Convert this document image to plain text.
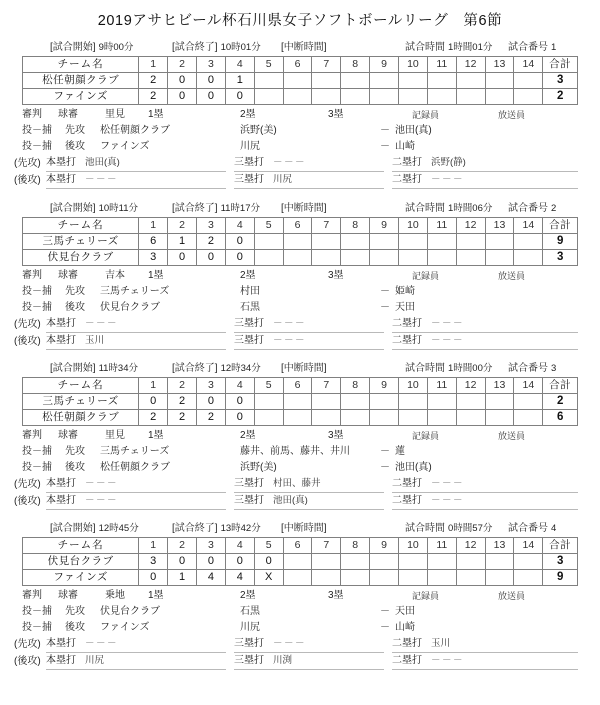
2019アサヒビール杯石川県女子ソフトボールリーグ　第6節
[試合開始] 9時00分	[試合終了] 10時01分 [中断時間]	試合時間 1時間01分 試合番号 1
チーム名	1	2	3	4	5	6	7	8	9	10	11	12	13	14	合計
松任朝顔クラブ	2	0	0	1											3
ファインズ	2	0	0	0											2
審判 球審	里見 1塁	2塁	3塁	記録員	放送員
投－捕 先攻 松任朝顔クラブ	浜野(美)	－ 池田(真)
投－捕 後攻 ファインズ	川尻	－ 山崎
(先攻) 本塁打 池田(真)	三塁打 －－－	二塁打 浜野(静)
(後攻) 本塁打 －－－	三塁打 川尻	二塁打 －－－
[試合開始] 10時11分	[試合終了] 11時17分 [中断時間]	試合時間 1時間06分 試合番号 2
チーム名	1	2	3	4	5	6	7	8	9	10	11	12	13	14	合計
三馬チェリーズ	6	1	2	0											9
伏見台クラブ	3	0	0	0											3
審判 球審	吉本 1塁	2塁	3塁	記録員	放送員
投－捕 先攻 三馬チェリーズ	村田	－ 姫崎
投－捕 後攻 伏見台クラブ	石黒	－ 天田
(先攻) 本塁打 －－－	三塁打 －－－	二塁打 －－－
(後攻) 本塁打 玉川	三塁打 －－－	二塁打 －－－
[試合開始] 11時34分	[試合終了] 12時34分 [中断時間]	試合時間 1時間00分 試合番号 3
チーム名	1	2	3	4	5	6	7	8	9	10	11	12	13	14	合計
三馬チェリーズ	0	2	0	0											2
松任朝顔クラブ	2	2	2	0											6
審判 球審	里見 1塁	2塁	3塁	記録員	放送員
投－捕 先攻 三馬チェリーズ	藤井、前馬、藤井、井川	－ 蓮
投－捕 後攻 松任朝顔クラブ	浜野(美)	－ 池田(真)
(先攻) 本塁打 －－－	三塁打 村田、藤井	二塁打 －－－
(後攻) 本塁打 －－－	三塁打 池田(真)	二塁打 －－－
[試合開始] 12時45分	[試合終了] 13時42分 [中断時間]	試合時間 0時間57分 試合番号 4
チーム名	1	2	3	4	5	6	7	8	9	10	11	12	13	14	合計
伏見台クラブ	3	0	0	0	0										3
ファインズ	0	1	4	4	X										9
審判 球審	乗地 1塁	2塁	3塁	記録員	放送員
投－捕 先攻 伏見台クラブ	石黒	－ 天田
投－捕 後攻 ファインズ	川尻	－ 山崎
(先攻) 本塁打 －－－	三塁打 －－－	二塁打 玉川
(後攻) 本塁打 川尻	三塁打 川渕	二塁打 －－－
